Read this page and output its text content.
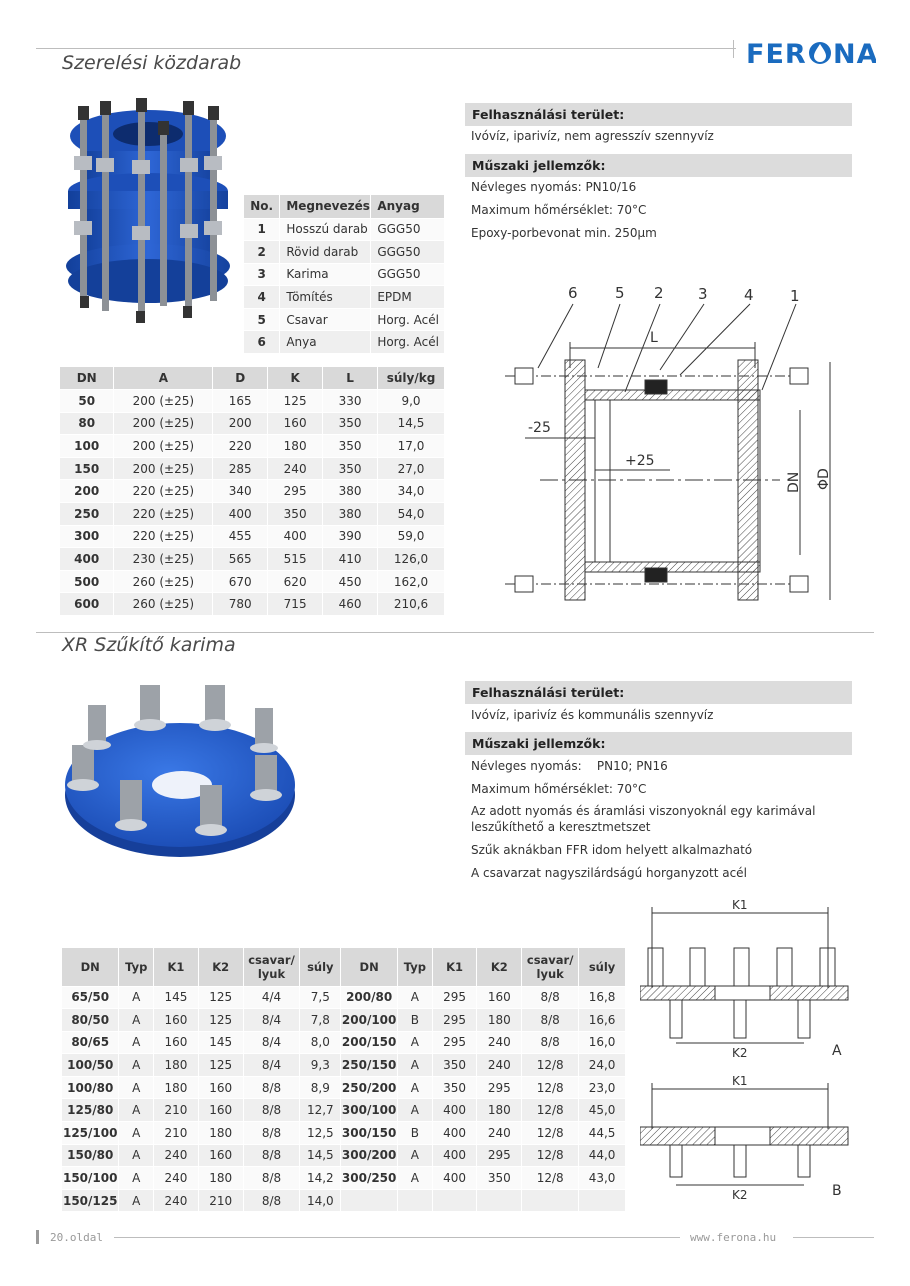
FER NA
Szerelési közdarab
No.	Megnevezés	Anyag
1	Hosszú darab	GGG50
2	Rövid darab	GGG50
3	Karima	GGG50
4	Tömítés	EPDM
5	Csavar	Horg. Acél
6	Anya	Horg. Acél
Felhasználási terület:
Ivóvíz, iparivíz, nem agresszív szennyvíz
Műszaki jellemzők:
Névleges nyomás: PN10/16
Maximum hőmérséklet: 70°C
Epoxy-porbevonat min. 250µm
DN	A	D	K	L	súly/kg
50	200 (±25)	165	125	330	9,0
80	200 (±25)	200	160	350	14,5
100	200 (±25)	220	180	350	17,0
150	200 (±25)	285	240	350	27,0
200	220 (±25)	340	295	380	34,0
250	220 (±25)	400	350	380	54,0
300	220 (±25)	455	400	390	59,0
400	230 (±25)	565	515	410	126,0
500	260 (±25)	670	620	450	162,0
600	260 (±25)	780	715	460	210,6
6 5 2 3 4 1
L
-25
+25
DN ΦD
XR Szűkítő karima
Felhasználási terület:
Ivóvíz, iparivíz és kommunális szennyvíz
Műszaki jellemzők:
Névleges nyomás:    PN10; PN16
Maximum hőmérséklet: 70°C
Az adott nyomás és áramlási viszonyoknál egy karimával
leszűkíthető a keresztmetszet
Szűk aknákban FFR idom helyett alkalmazható
A csavarzat nagyszilárdságú horganyzott acél
DN	Typ	K1	K2	csavar/ lyuk	súly	DN	Typ	K1	K2	csavar/ lyuk	súly
65/50	A	145	125	4/4	7,5	200/80	A	295	160	8/8	16,8
80/50	A	160	125	8/4	7,8	200/100	B	295	180	8/8	16,6
80/65	A	160	145	8/4	8,0	200/150	A	295	240	8/8	16,0
100/50	A	180	125	8/4	9,3	250/150	A	350	240	12/8	24,0
100/80	A	180	160	8/8	8,9	250/200	A	350	295	12/8	23,0
125/80	A	210	160	8/8	12,7	300/100	A	400	180	12/8	45,0
125/100	A	210	180	8/8	12,5	300/150	B	400	240	12/8	44,5
150/80	A	240	160	8/8	14,5	300/200	A	400	295	12/8	44,0
150/100	A	240	180	8/8	14,2	300/250	A	400	350	12/8	43,0
150/125	A	240	210	8/8	14,0						
K1
K2	A
K1
K2	B
20.oldal	www.ferona.hu
